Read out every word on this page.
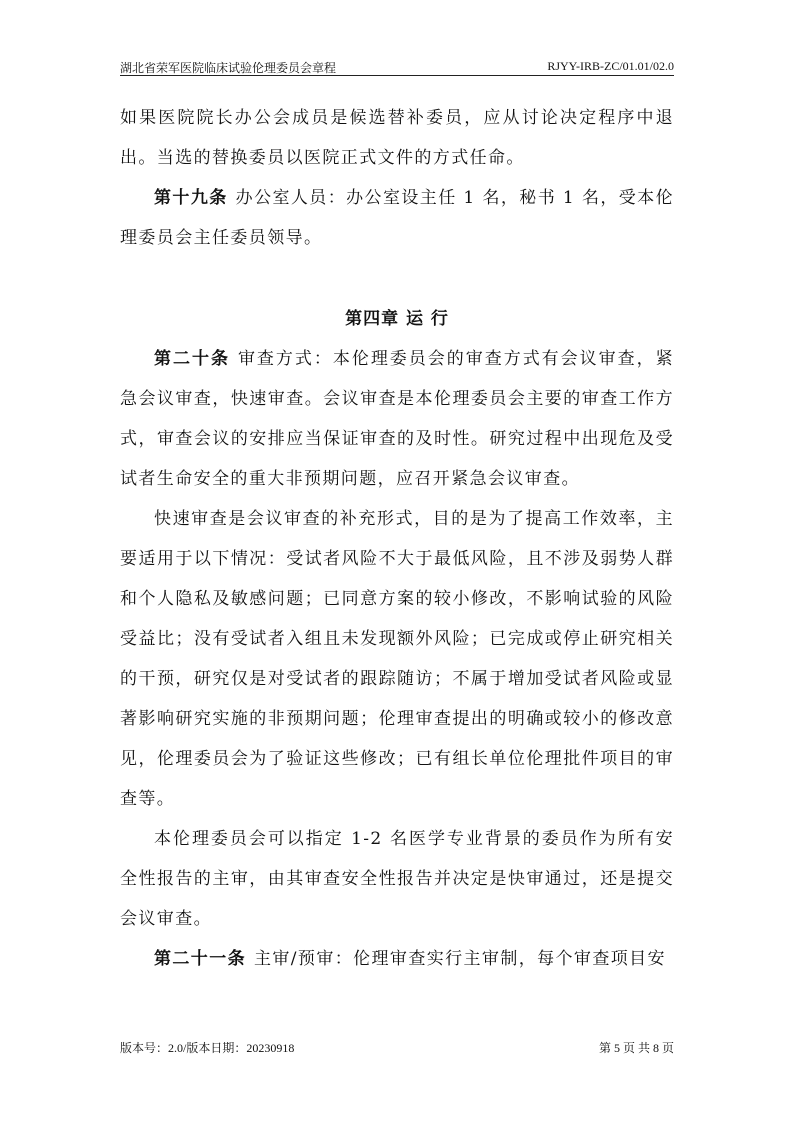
湖北省荣军医院临床试验伦理委员会章程	RJYY-IRB-ZC/01.01/02.0

如果医院院长办公会成员是候选替补委员，应从讨论决定程序中退出。当选的替换委员以医院正式文件的方式任命。

第十九条 办公室人员：办公室设主任 1 名，秘书 1 名，受本伦理委员会主任委员领导。

第四章 运 行

第二十条 审查方式：本伦理委员会的审查方式有会议审查，紧急会议审查，快速审查。会议审查是本伦理委员会主要的审查工作方式，审查会议的安排应当保证审查的及时性。研究过程中出现危及受试者生命安全的重大非预期问题，应召开紧急会议审查。

快速审查是会议审查的补充形式，目的是为了提高工作效率，主要适用于以下情况：受试者风险不大于最低风险，且不涉及弱势人群和个人隐私及敏感问题；已同意方案的较小修改，不影响试验的风险受益比；没有受试者入组且未发现额外风险；已完成或停止研究相关的干预，研究仅是对受试者的跟踪随访；不属于增加受试者风险或显著影响研究实施的非预期问题；伦理审查提出的明确或较小的修改意见，伦理委员会为了验证这些修改；已有组长单位伦理批件项目的审查等。

本伦理委员会可以指定 1-2 名医学专业背景的委员作为所有安全性报告的主审，由其审查安全性报告并决定是快审通过，还是提交会议审查。

第二十一条 主审/预审：伦理审查实行主审制，每个审查项目安

版本号：2.0/版本日期：20230918	第 5 页 共 8 页
